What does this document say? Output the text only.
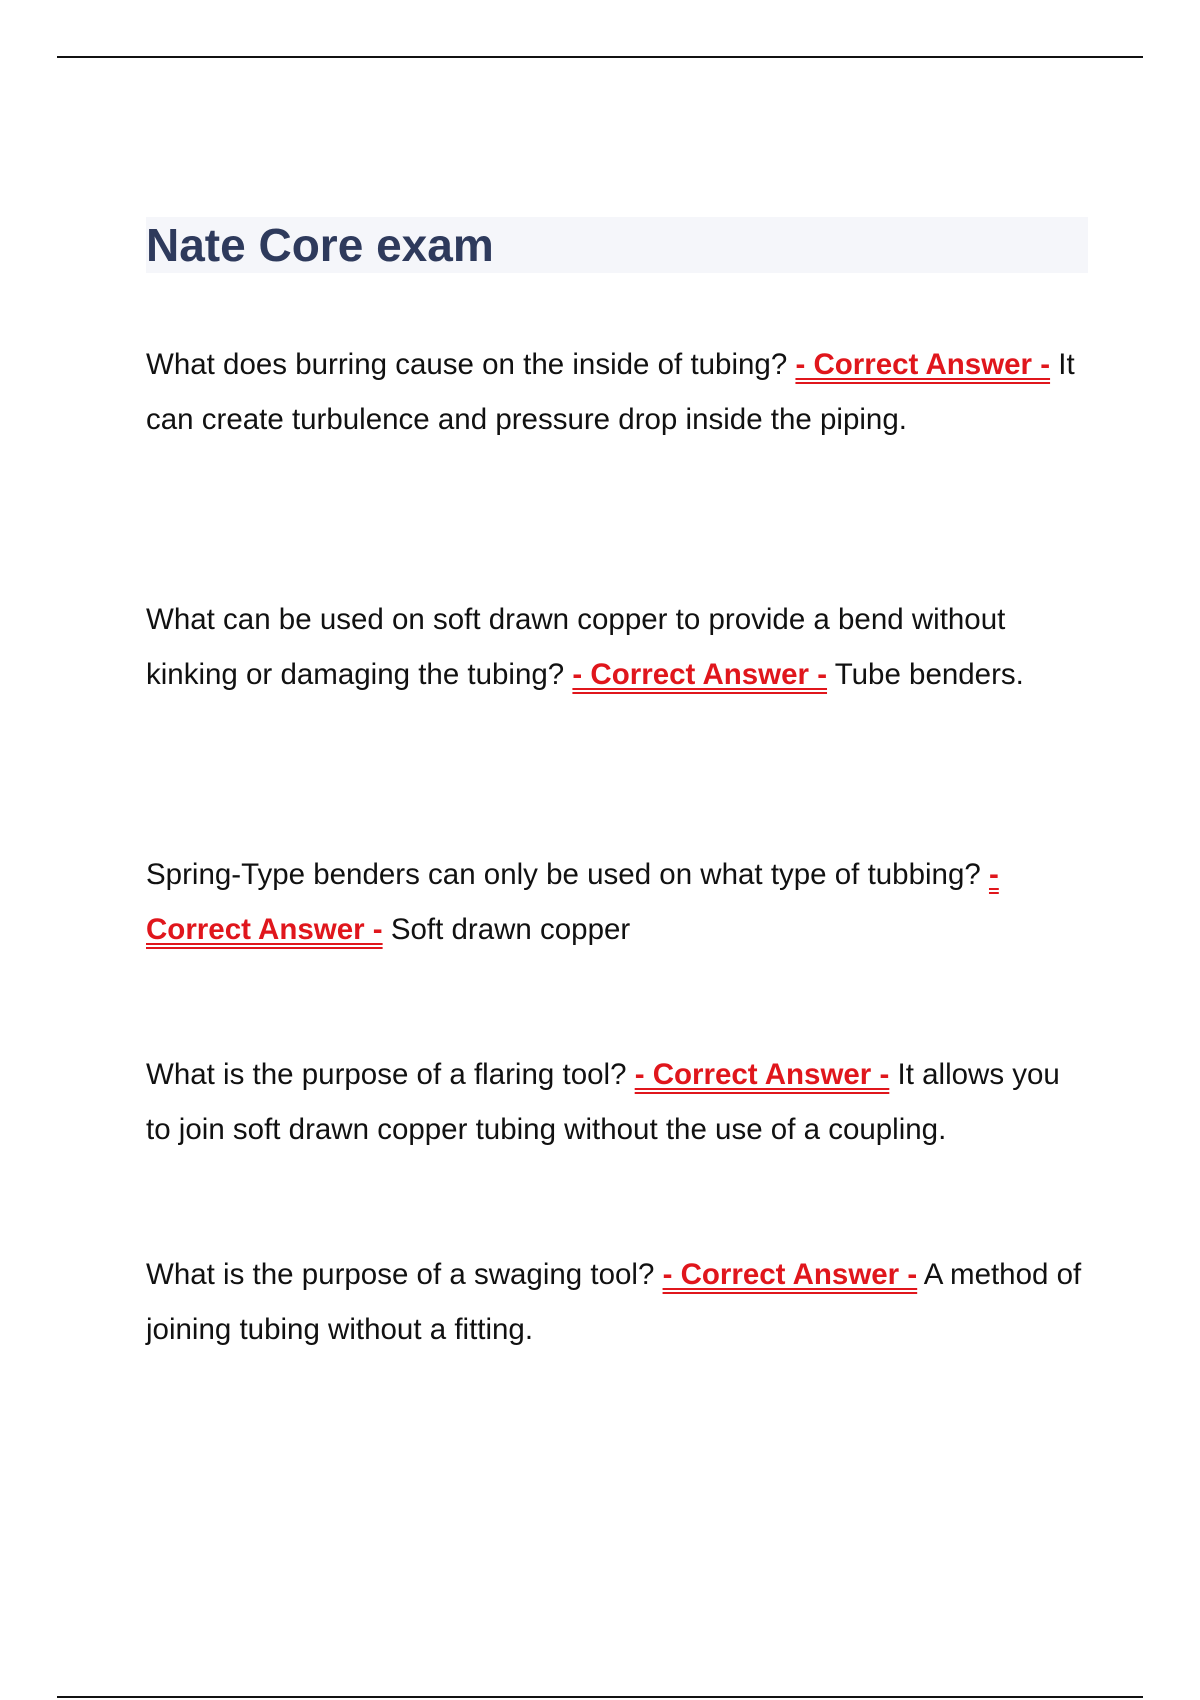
Nate Core exam

What does burring cause on the inside of tubing? - Correct Answer - It can create turbulence and pressure drop inside the piping.

What can be used on soft drawn copper to provide a bend without kinking or damaging the tubing? - Correct Answer - Tube benders.

Spring-Type benders can only be used on what type of tubbing? - Correct Answer - Soft drawn copper

What is the purpose of a flaring tool? - Correct Answer - It allows you to join soft drawn copper tubing without the use of a coupling.

What is the purpose of a swaging tool? - Correct Answer - A method of joining tubing without a fitting.
